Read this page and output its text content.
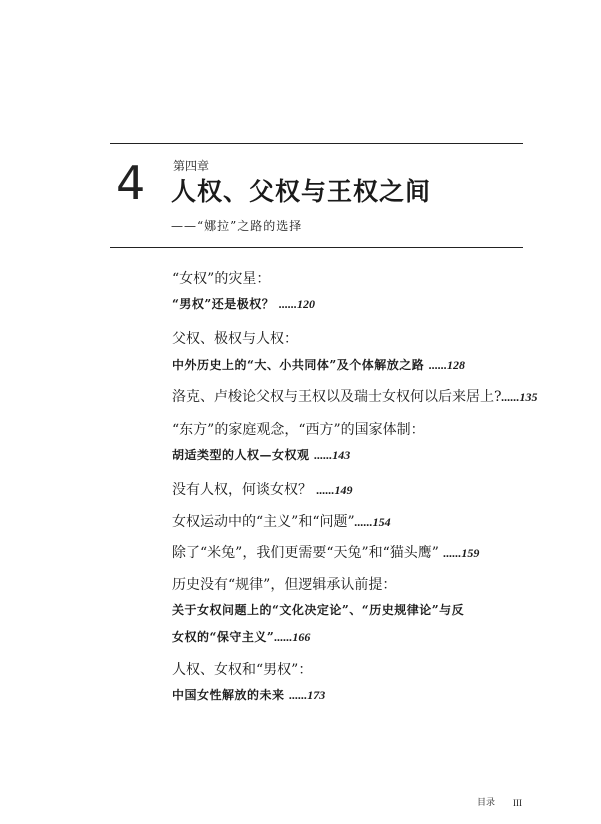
4 第四章
人权、父权与王权之间
——“娜拉”之路的选择
“女权”的灾星：
“男权”还是极权？ ......120
父权、极权与人权：
中外历史上的“大、小共同体”及个体解放之路 ......128
洛克、卢梭论父权与王权以及瑞士女权何以后来居上?......135
“东方”的家庭观念，“西方”的国家体制：
胡适类型的人权—女权观 ......143
没有人权，何谈女权？ ......149
女权运动中的“主义”和“问题”......154
除了“米兔”，我们更需要“天兔”和“猫头鹰” ......159
历史没有“规律”，但逻辑承认前提：
关于女权问题上的“文化决定论”、“历史规律论”与反
女权的“保守主义”......166
人权、女权和“男权”：
中国女性解放的未来 ......173
目录 III
